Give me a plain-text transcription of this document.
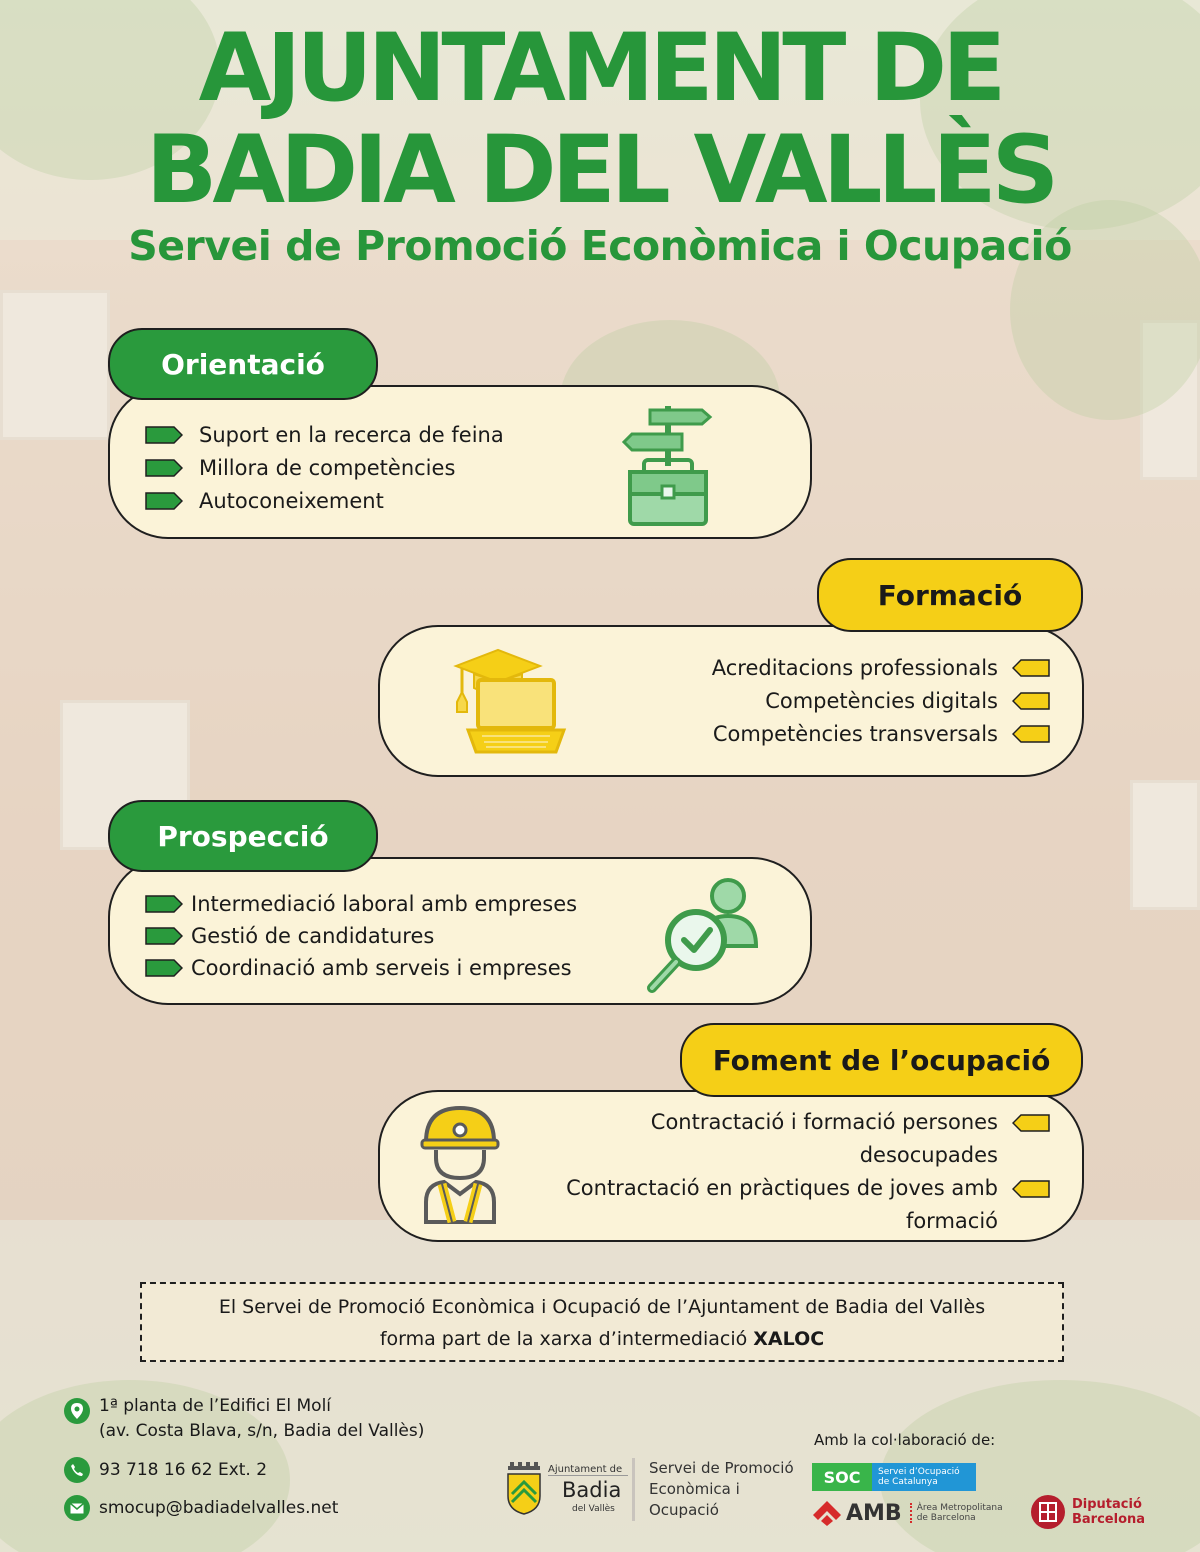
AJUNTAMENT DE
BADIA DEL VALLÈS
Servei de Promoció Econòmica i Ocupació
Orientació
Suport en la recerca de feina
Millora de competències
Autoconeixement
Formació
Acreditacions professionals
Competències digitals
Competències transversals
Prospecció
Intermediació laboral amb empreses
Gestió de candidatures
Coordinació amb serveis i empreses
Foment de l’ocupació
Contractació i formació persones
desocupades
Contractació en pràctiques de joves amb
formació
El Servei de Promoció Econòmica i Ocupació de l’Ajuntament de Badia del Vallès
forma part de la xarxa d’intermediació XALOC
1ª planta de l’Edifici El Molí
(av. Costa Blava, s/n, Badia del Vallès)
93 718 16 62 Ext. 2
smocup@badiadelvalles.net
Ajuntament de
Badia
del Vallès
Servei de Promoció
Econòmica i
Ocupació
Amb la col·laboració de:
SOC	Servei d’Ocupació
de Catalunya
AMB Àrea Metropolitana
de Barcelona
Diputació
Barcelona
